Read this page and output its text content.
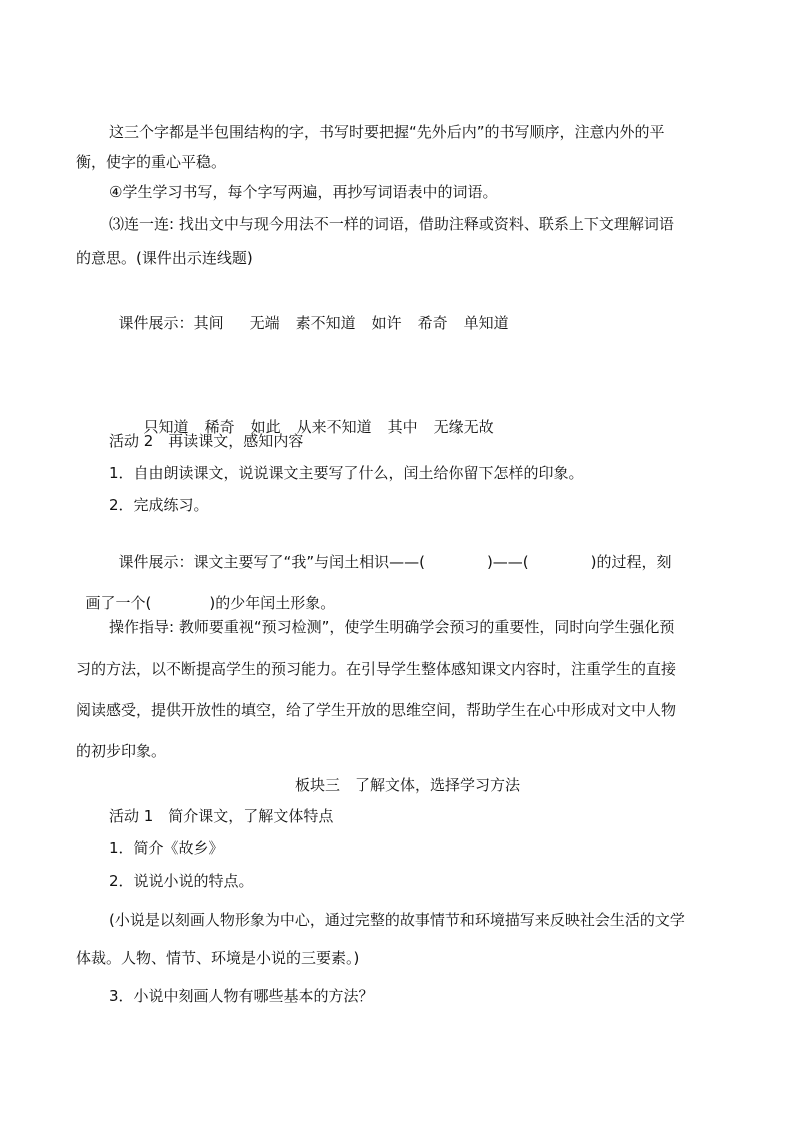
这三个字都是半包围结构的字，书写时要把握“先外后内”的书写顺序，注意内外的平

衡，使字的重心平稳。

④学生学习书写，每个字写两遍，再抄写词语表中的词语。

⑶连一连: 找出文中与现今用法不一样的词语，借助注释或资料、联系上下文理解词语

的意思。(课件出示连线题)

课件展示：其间 无端 素不知道 如许 希奇 单知道

只知道 稀奇 如此 从来不知道 其中 无缘无故

活动 2　再读课文，感知内容

1．自由朗读课文，说说课文主要写了什么，闰土给你留下怎样的印象。

2．完成练习。

课件展示：课文主要写了“我”与闰土相识——(	)——(	)的过程，刻

画了一个(	)的少年闰土形象。

操作指导: 教师要重视“预习检测”，使学生明确学会预习的重要性，同时向学生强化预

习的方法，以不断提高学生的预习能力。在引导学生整体感知课文内容时，注重学生的直接

阅读感受，提供开放性的填空，给了学生开放的思维空间，帮助学生在心中形成对文中人物

的初步印象。

板块三　了解文体，选择学习方法

活动 1　简介课文，了解文体特点

1．简介《故乡》

2．说说小说的特点。

(小说是以刻画人物形象为中心，通过完整的故事情节和环境描写来反映社会生活的文学

体裁。人物、情节、环境是小说的三要素。)

3．小说中刻画人物有哪些基本的方法？
